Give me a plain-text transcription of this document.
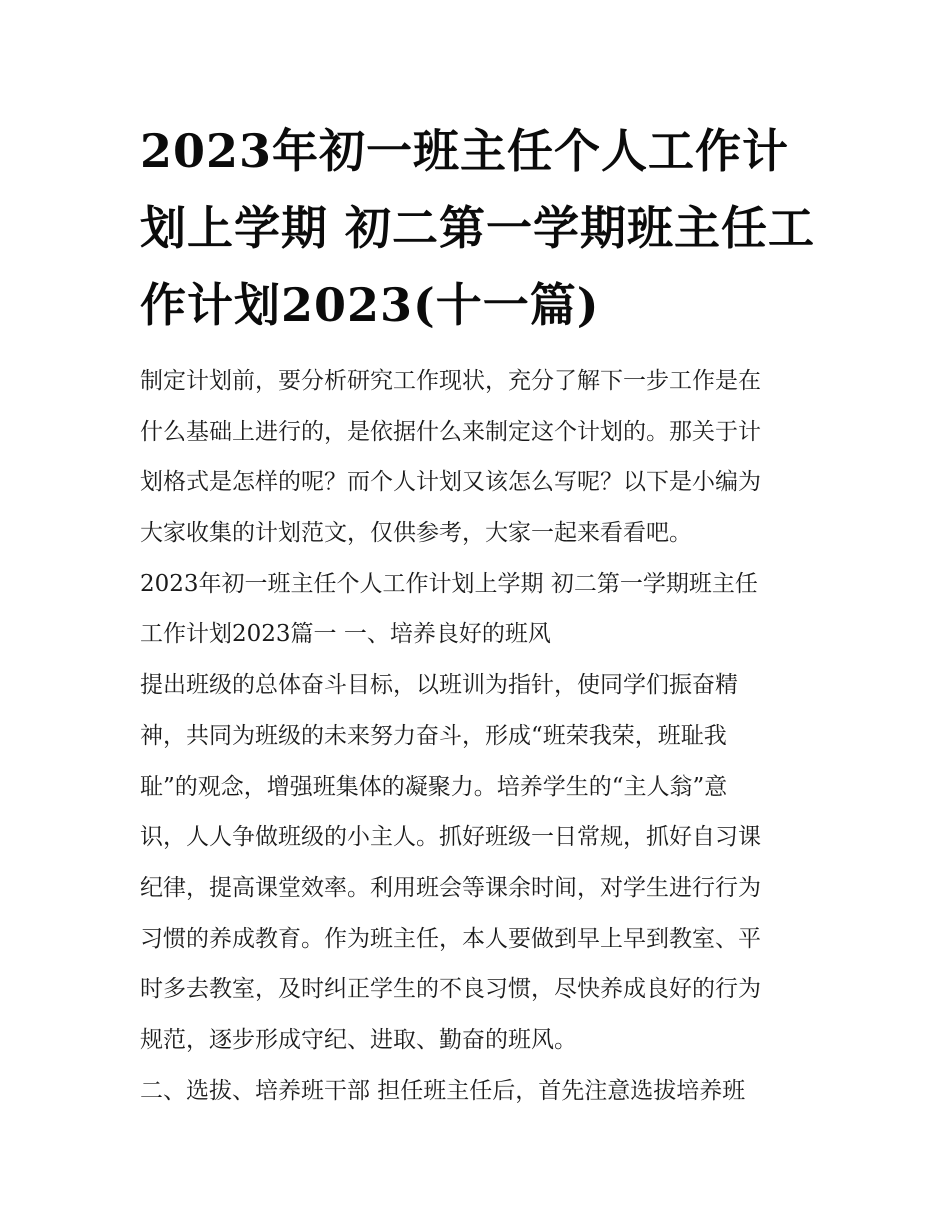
2023年初一班主任个人工作计划上学期 初二第一学期班主任工作计划2023(十一篇)
制定计划前，要分析研究工作现状，充分了解下一步工作是在
什么基础上进行的，是依据什么来制定这个计划的。那关于计
划格式是怎样的呢？而个人计划又该怎么写呢？以下是小编为
大家收集的计划范文，仅供参考，大家一起来看看吧。
2023年初一班主任个人工作计划上学期 初二第一学期班主任
工作计划2023篇一 一、培养良好的班风
提出班级的总体奋斗目标，以班训为指针，使同学们振奋精
神，共同为班级的未来努力奋斗，形成“班荣我荣，班耻我
耻”的观念，增强班集体的凝聚力。培养学生的“主人翁”意
识，人人争做班级的小主人。抓好班级一日常规，抓好自习课
纪律，提高课堂效率。利用班会等课余时间，对学生进行行为
习惯的养成教育。作为班主任，本人要做到早上早到教室、平
时多去教室，及时纠正学生的不良习惯，尽快养成良好的行为
规范，逐步形成守纪、进取、勤奋的班风。
二、选拔、培养班干部 担任班主任后，首先注意选拔培养班
